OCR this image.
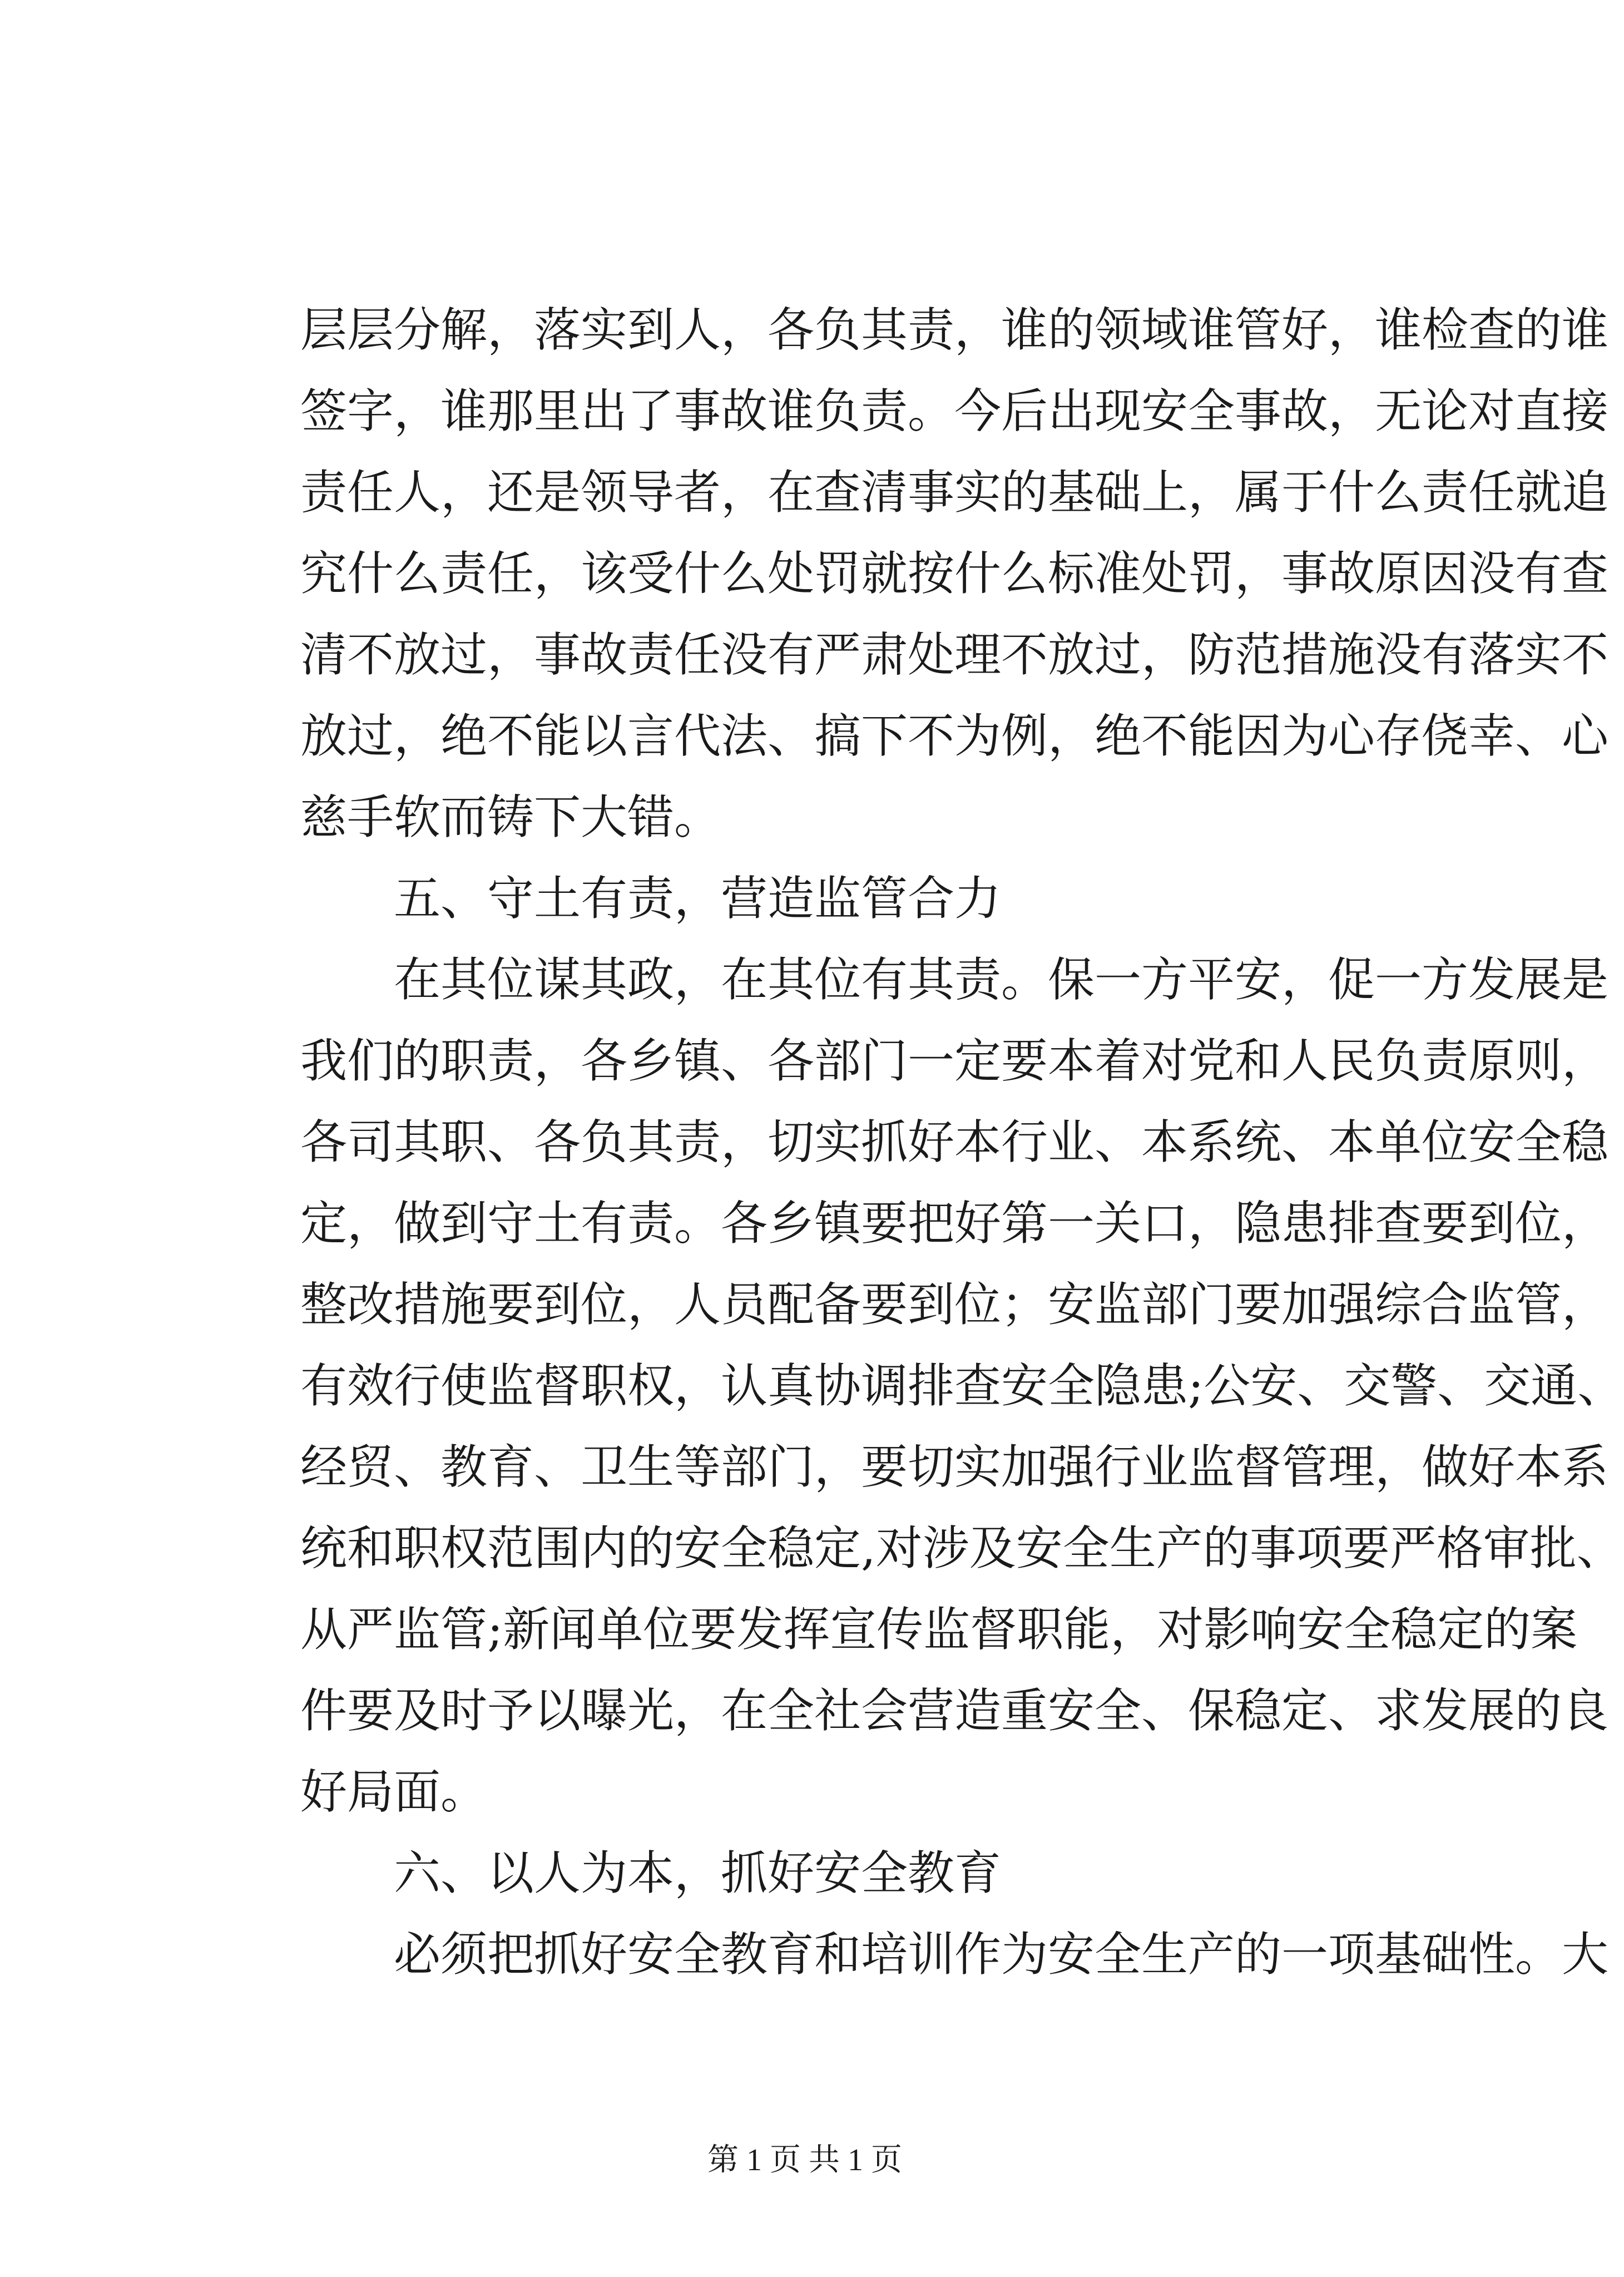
层层分解，落实到人，各负其责，谁的领域谁管好，谁检查的谁
签字，谁那里出了事故谁负责。今后出现安全事故，无论对直接
责任人，还是领导者，在查清事实的基础上，属于什么责任就追
究什么责任，该受什么处罚就按什么标准处罚，事故原因没有查
清不放过，事故责任没有严肃处理不放过，防范措施没有落实不
放过，绝不能以言代法、搞下不为例，绝不能因为心存侥幸、心
慈手软而铸下大错。
五、守土有责，营造监管合力
在其位谋其政，在其位有其责。保一方平安，促一方发展是
我们的职责，各乡镇、各部门一定要本着对党和人民负责原则，
各司其职、各负其责，切实抓好本行业、本系统、本单位安全稳
定，做到守土有责。各乡镇要把好第一关口，隐患排查要到位，
整改措施要到位，人员配备要到位；安监部门要加强综合监管，
有效行使监督职权，认真协调排查安全隐患;公安、交警、交通、
经贸、教育、卫生等部门，要切实加强行业监督管理，做好本系
统和职权范围内的安全稳定,对涉及安全生产的事项要严格审批、
从严监管;新闻单位要发挥宣传监督职能，对影响安全稳定的案
件要及时予以曝光，在全社会营造重安全、保稳定、求发展的良
好局面。
六、以人为本，抓好安全教育
必须把抓好安全教育和培训作为安全生产的一项基础性。大
第 1 页 共 1 页
